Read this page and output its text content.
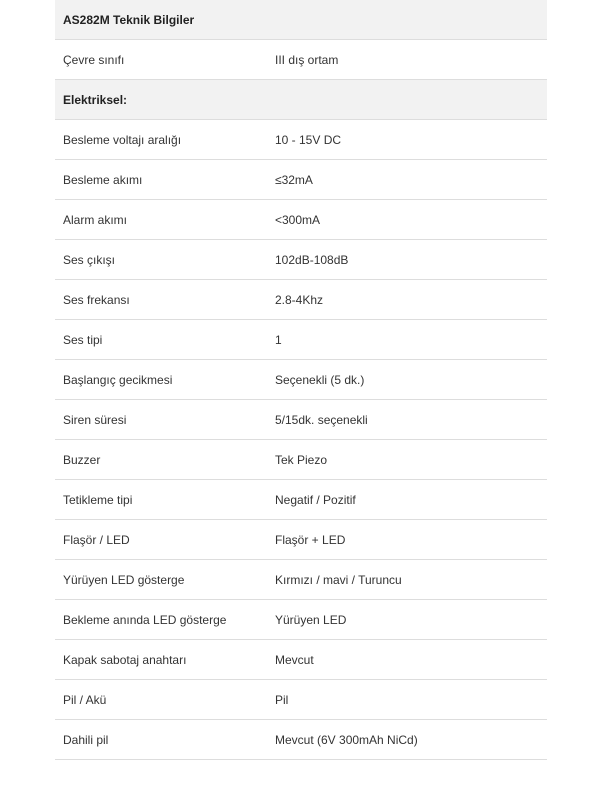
AS282M Teknik Bilgiler	
Çevre sınıfı	III dış ortam
Elektriksel:	
Besleme voltajı aralığı	10 - 15V DC
Besleme akımı	≤32mA
Alarm akımı	<300mA
Ses çıkışı	102dB-108dB
Ses frekansı	2.8-4Khz
Ses tipi	1
Başlangıç gecikmesi	Seçenekli (5 dk.)
Siren süresi	5/15dk. seçenekli
Buzzer	Tek Piezo
Tetikleme tipi	Negatif / Pozitif
Flaşör / LED	Flaşör + LED
Yürüyen LED gösterge	Kırmızı / mavi / Turuncu
Bekleme anında LED gösterge	Yürüyen LED
Kapak sabotaj anahtarı	Mevcut
Pil / Akü	Pil
Dahili pil	Mevcut (6V 300mAh NiCd)
